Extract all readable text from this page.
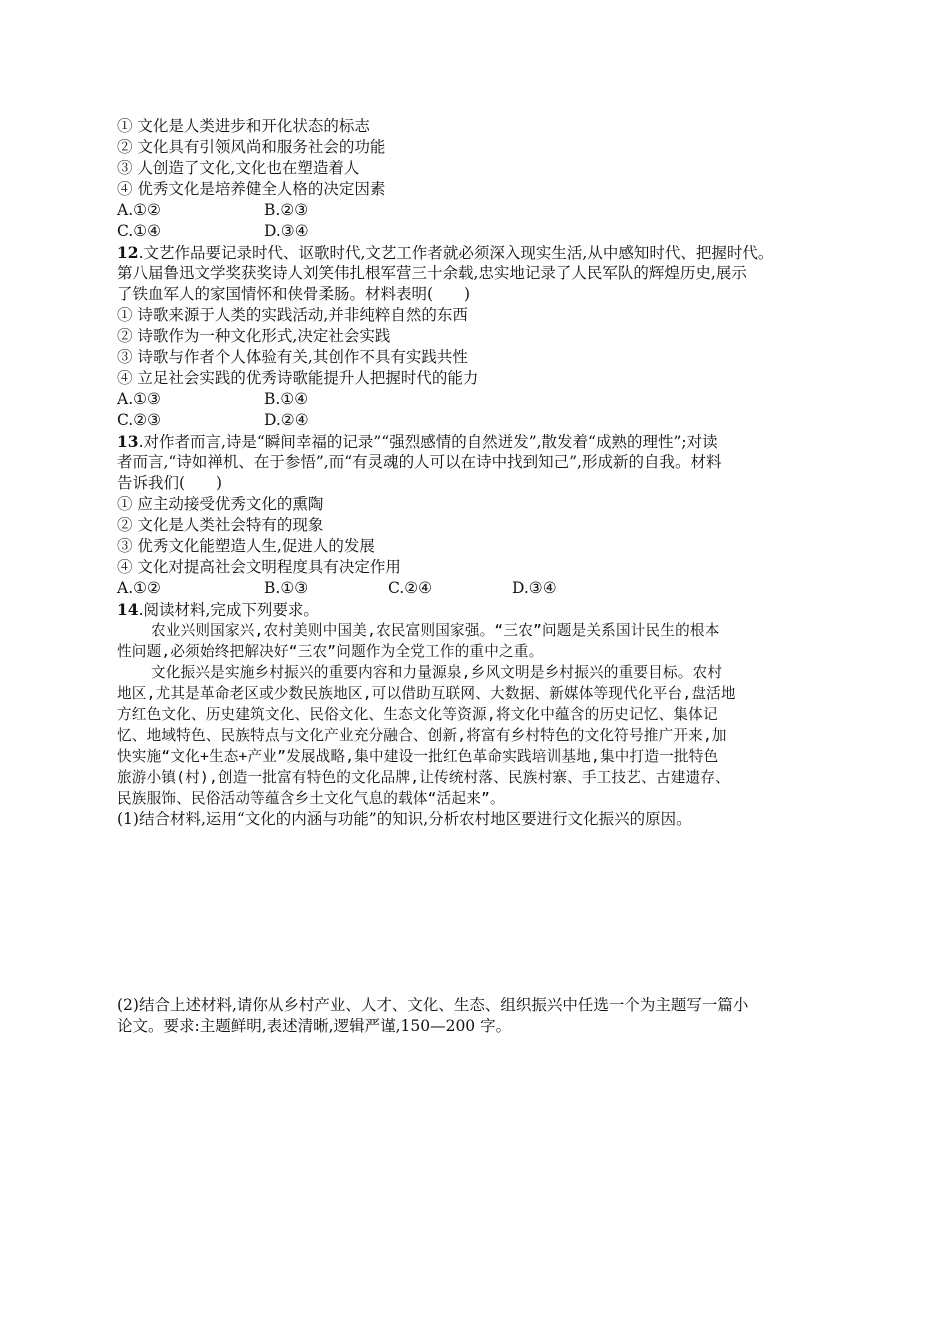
① 文化是人类进步和开化状态的标志
② 文化具有引领风尚和服务社会的功能
③ 人创造了文化,文化也在塑造着人
④ 优秀文化是培养健全人格的决定因素
A.①②	B.②③
C.①④	D.③④
12.文艺作品要记录时代、讴歌时代,文艺工作者就必须深入现实生活,从中感知时代、把握时代。
第八届鲁迅文学奖获奖诗人刘笑伟扎根军营三十余载,忠实地记录了人民军队的辉煌历史,展示
了铁血军人的家国情怀和侠骨柔肠。材料表明(　　)
① 诗歌来源于人类的实践活动,并非纯粹自然的东西
② 诗歌作为一种文化形式,决定社会实践
③ 诗歌与作者个人体验有关,其创作不具有实践共性
④ 立足社会实践的优秀诗歌能提升人把握时代的能力
A.①③	B.①④
C.②③	D.②④
13.对作者而言,诗是“瞬间幸福的记录”“强烈感情的自然迸发”,散发着“成熟的理性”;对读
者而言,“诗如禅机、在于参悟”,而“有灵魂的人可以在诗中找到知己”,形成新的自我。材料
告诉我们(　　)
① 应主动接受优秀文化的熏陶
② 文化是人类社会特有的现象
③ 优秀文化能塑造人生,促进人的发展
④ 文化对提高社会文明程度具有决定作用
A.①②	B.①③	C.②④	D.③④
14.阅读材料,完成下列要求。
农业兴则国家兴,农村美则中国美,农民富则国家强。“三农”问题是关系国计民生的根本
性问题,必须始终把解决好“三农”问题作为全党工作的重中之重。
文化振兴是实施乡村振兴的重要内容和力量源泉,乡风文明是乡村振兴的重要目标。农村
地区,尤其是革命老区或少数民族地区,可以借助互联网、大数据、新媒体等现代化平台,盘活地
方红色文化、历史建筑文化、民俗文化、生态文化等资源,将文化中蕴含的历史记忆、集体记
忆、地域特色、民族特点与文化产业充分融合、创新,将富有乡村特色的文化符号推广开来,加
快实施“文化+生态+产业”发展战略,集中建设一批红色革命实践培训基地,集中打造一批特色
旅游小镇(村),创造一批富有特色的文化品牌,让传统村落、民族村寨、手工技艺、古建遗存、
民族服饰、民俗活动等蕴含乡土文化气息的载体“活起来”。
(1)结合材料,运用“文化的内涵与功能”的知识,分析农村地区要进行文化振兴的原因。
(2)结合上述材料,请你从乡村产业、人才、文化、生态、组织振兴中任选一个为主题写一篇小
论文。要求:主题鲜明,表述清晰,逻辑严谨,150—200 字。
